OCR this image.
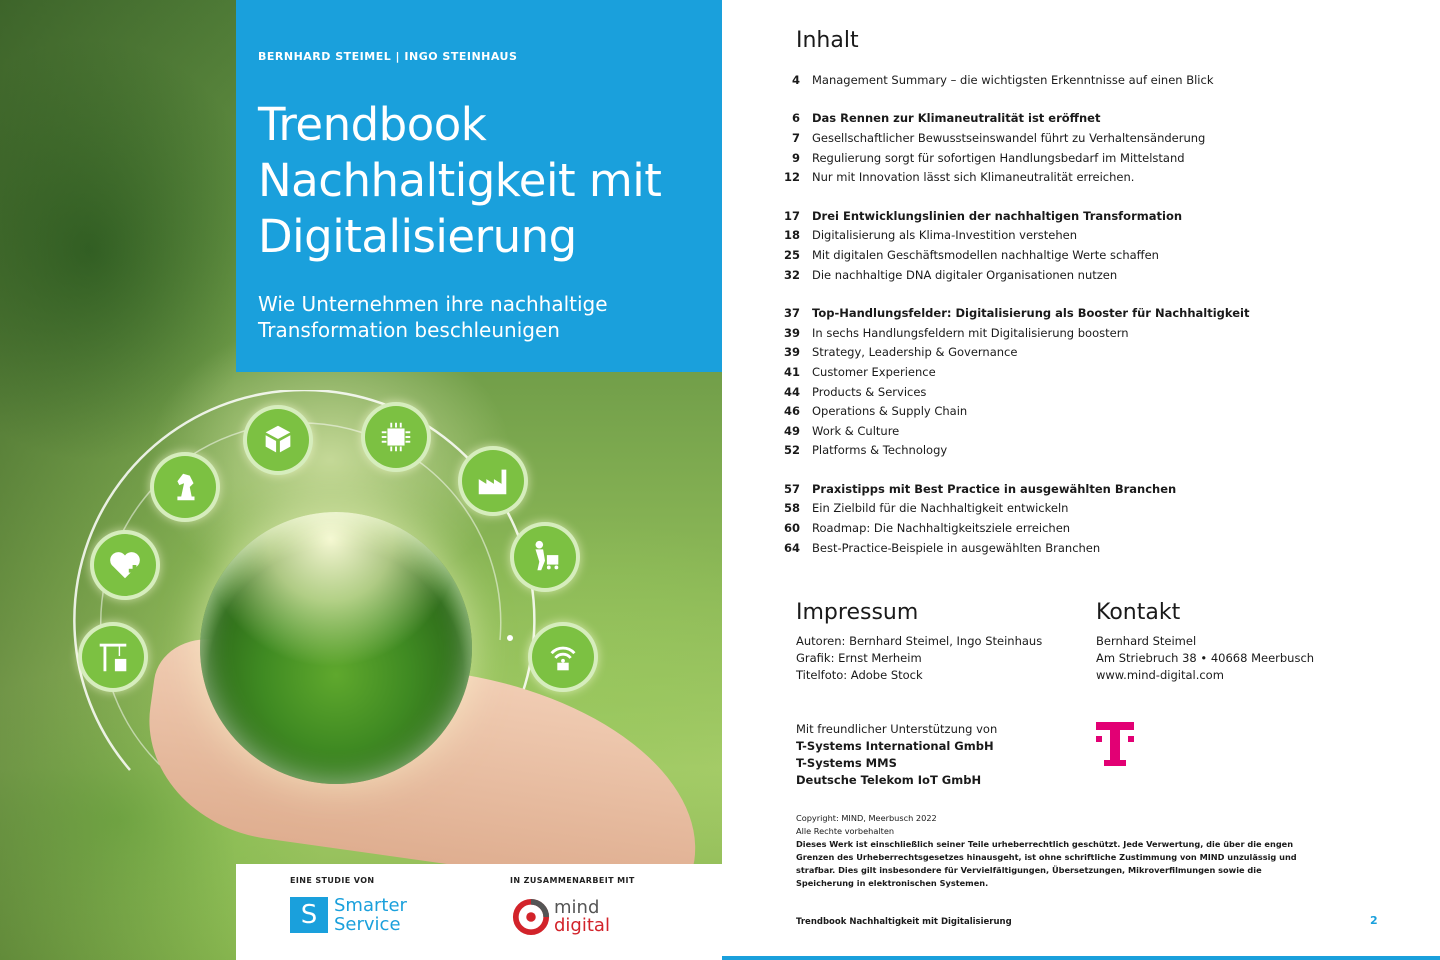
BERNHARD STEIMEL | INGO STEINHAUS
Trendbook
Nachhaltigkeit mit
Digitalisierung
Wie Unternehmen ihre nachhaltige
Transformation beschleunigen
EINE STUDIE VON	IN ZUSAMMENARBEIT MIT
S Smarter
Service
mind
digital
Inhalt
4	Management Summary – die wichtigsten Erkenntnisse auf einen Blick
6	Das Rennen zur Klimaneutralität ist eröffnet
7	Gesellschaftlicher Bewusstseinswandel führt zu Verhaltensänderung
9	Regulierung sorgt für sofortigen Handlungsbedarf im Mittelstand
12	Nur mit Innovation lässt sich Klimaneutralität erreichen.
17	Drei Entwicklungslinien der nachhaltigen Transformation
18	Digitalisierung als Klima-Investition verstehen
25	Mit digitalen Geschäftsmodellen nachhaltige Werte schaffen
32	Die nachhaltige DNA digitaler Organisationen nutzen
37	Top-Handlungsfelder: Digitalisierung als Booster für Nachhaltigkeit
39	In sechs Handlungsfeldern mit Digitalisierung boostern
39	Strategy, Leadership & Governance
41	Customer Experience
44	Products & Services
46	Operations & Supply Chain
49	Work & Culture
52	Platforms & Technology
57	Praxistipps mit Best Practice in ausgewählten Branchen
58	Ein Zielbild für die Nachhaltigkeit entwickeln
60	Roadmap: Die Nachhaltigkeitsziele erreichen
64	Best-Practice-Beispiele in ausgewählten Branchen
Impressum
Autoren: Bernhard Steimel, Ingo Steinhaus
Grafik: Ernst Merheim
Titelfoto: Adobe Stock
Kontakt
Bernhard Steimel
Am Striebruch 38 • 40668 Meerbusch
www.mind-digital.com
Mit freundlicher Unterstützung von
T-Systems International GmbH
T-Systems MMS
Deutsche Telekom IoT GmbH
Copyright: MIND, Meerbusch 2022
Alle Rechte vorbehalten
Dieses Werk ist einschließlich seiner Teile urheberrechtlich geschützt. Jede Verwertung, die über die engen
Grenzen des Urheberrechtsgesetzes hinausgeht, ist ohne schriftliche Zustimmung von MIND unzulässig und
strafbar. Dies gilt insbesondere für Vervielfältigungen, Übersetzungen, Mikroverfilmungen sowie die
Speicherung in elektronischen Systemen.
Trendbook Nachhaltigkeit mit Digitalisierung	2
